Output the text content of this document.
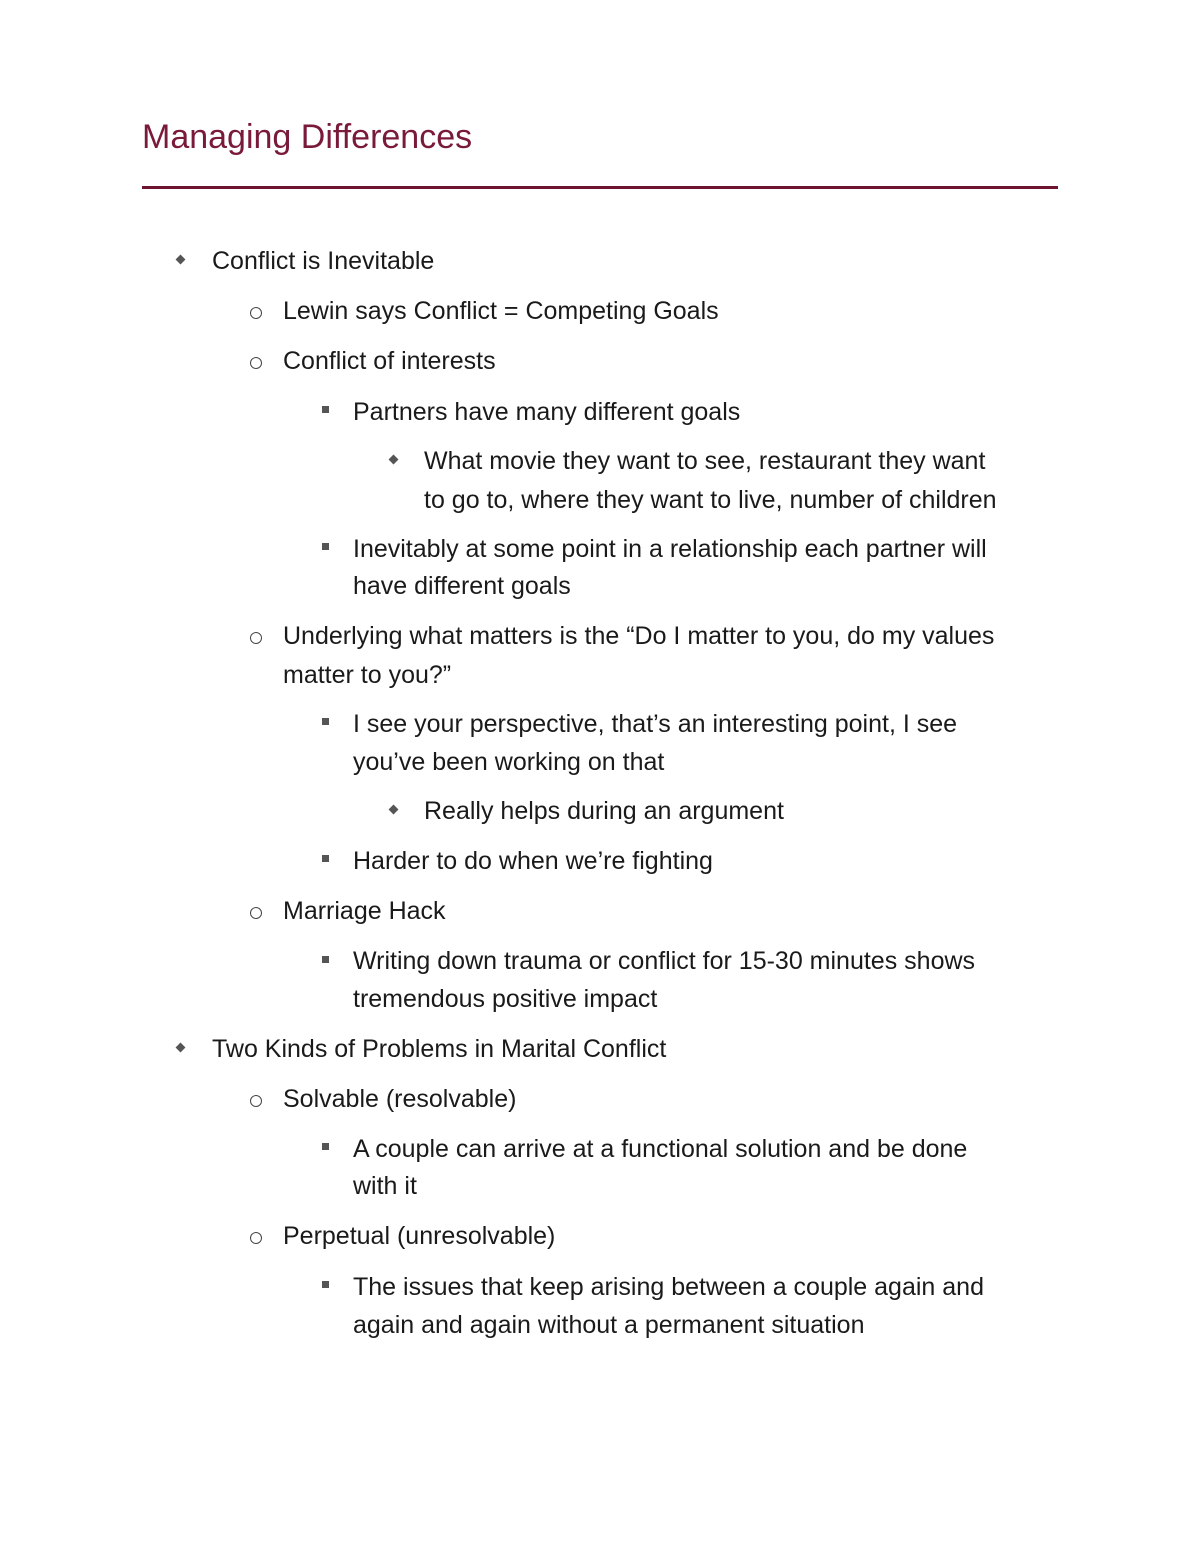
Managing Differences
Conflict is Inevitable
Lewin says Conflict = Competing Goals
Conflict of interests
Partners have many different goals
What movie they want to see, restaurant they want
to go to, where they want to live, number of children
Inevitably at some point in a relationship each partner will
have different goals
Underlying what matters is the “Do I matter to you, do my values
matter to you?”
I see your perspective, that’s an interesting point, I see
you’ve been working on that
Really helps during an argument
Harder to do when we’re fighting
Marriage Hack
Writing down trauma or conflict for 15-30 minutes shows
tremendous positive impact
Two Kinds of Problems in Marital Conflict
Solvable (resolvable)
A couple can arrive at a functional solution and be done
with it
Perpetual (unresolvable)
The issues that keep arising between a couple again and
again and again without a permanent situation
